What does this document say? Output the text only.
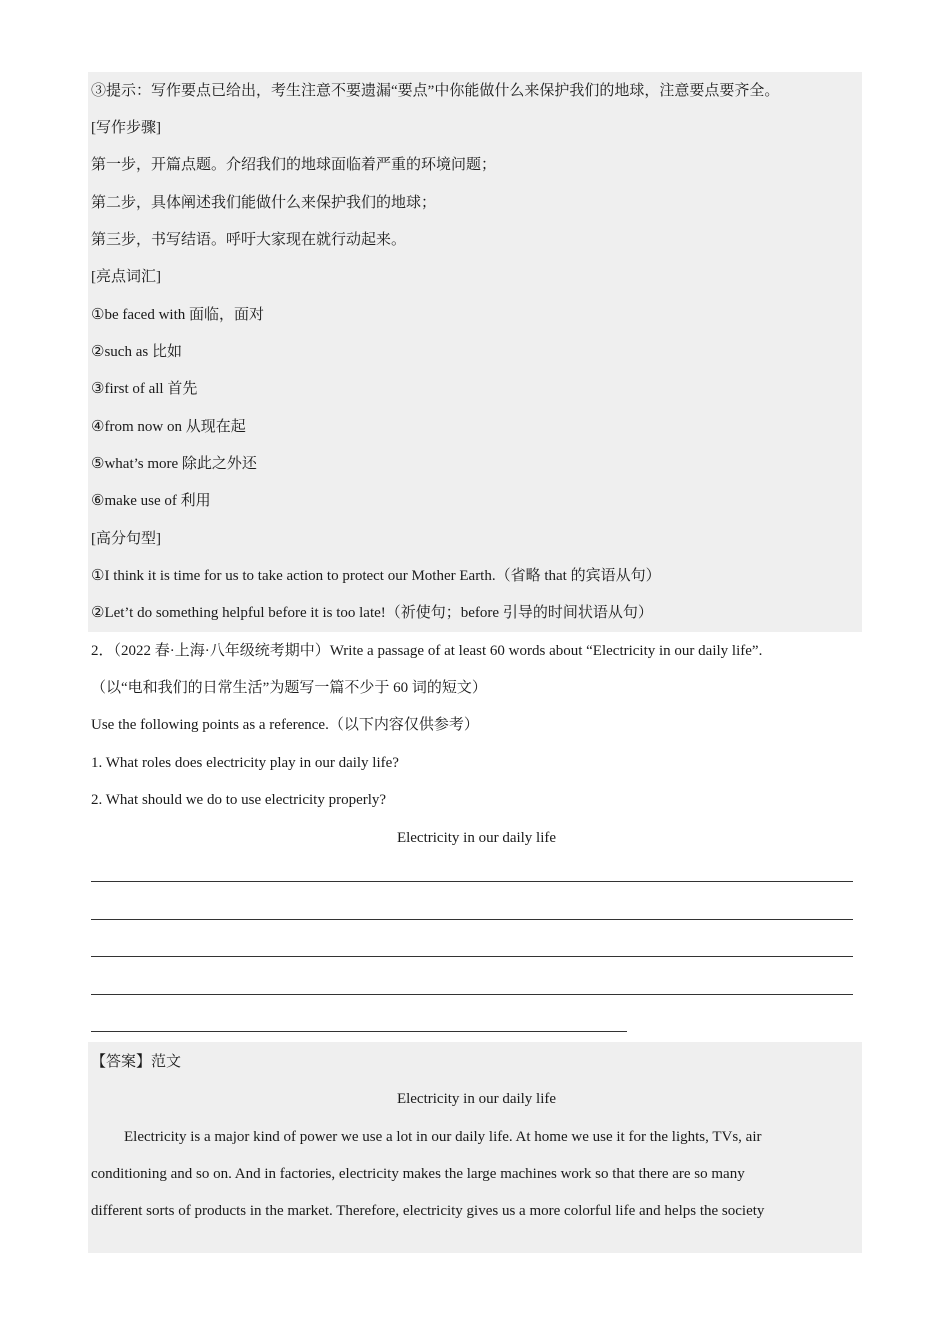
③提示：写作要点已给出，考生注意不要遗漏“要点”中你能做什么来保护我们的地球，注意要点要齐全。
[写作步骤]
第一步，开篇点题。介绍我们的地球面临着严重的环境问题；
第二步，具体阐述我们能做什么来保护我们的地球；
第三步，书写结语。呼吁大家现在就行动起来。
[亮点词汇]
①be faced with 面临，面对
②such as 比如
③first of all 首先
④from now on 从现在起
⑤what’s more 除此之外还
⑥make use of 利用
[高分句型]
①I think it is time for us to take action to protect our Mother Earth.（省略 that 的宾语从句）
②Let’t do something helpful before it is too late!（祈使句；before 引导的时间状语从句）
2．（2022 春·上海·八年级统考期中）Write a passage of at least 60 words about “Electricity in our daily life”.
（以“电和我们的日常生活”为题写一篇不少于 60 词的短文）
Use the following points as a reference.（以下内容仅供参考）
1. What roles does electricity play in our daily life?
2. What should we do to use electricity properly?
Electricity in our daily life
【答案】范文
Electricity in our daily life
Electricity is a major kind of power we use a lot in our daily life. At home we use it for the lights, TVs, air
conditioning and so on. And in factories, electricity makes the large machines work so that there are so many
different sorts of products in the market. Therefore, electricity gives us a more colorful life and helps the society
